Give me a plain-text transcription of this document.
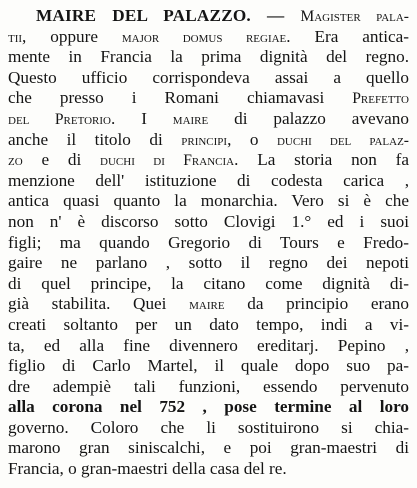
MAIRE DEL PALAZZO. — Magister pala-
tii, oppure major domus regiae. Era antica-
mente in Francia la prima dignità del regno.
Questo ufficio corrispondeva assai a quello
che presso i Romani chiamavasi Prefetto
del Pretorio. I maire di palazzo avevano
anche il titolo di principi, o duchi del palaz-
zo e di duchi di Francia. La storia non fa
menzione dell' istituzione di codesta carica ,
antica quasi quanto la monarchia. Vero si è che
non n' è discorso sotto Clovigi 1.° ed i suoi
figli; ma quando Gregorio di Tours e Fredo-
gaire ne parlano , sotto il regno dei nepoti
di quel principe, la citano come dignità di-
già stabilita. Quei maire da principio erano
creati soltanto per un dato tempo, indi a vi-
ta, ed alla fine divennero ereditarj. Pepino ,
figlio di Carlo Martel, il quale dopo suo pa-
dre adempiè tali funzioni, essendo pervenuto
alla corona nel 752 , pose termine al loro
governo. Coloro che li sostituirono si chia-
marono gran siniscalchi, e poi gran-maestri di
Francia, o gran-maestri della casa del re.
